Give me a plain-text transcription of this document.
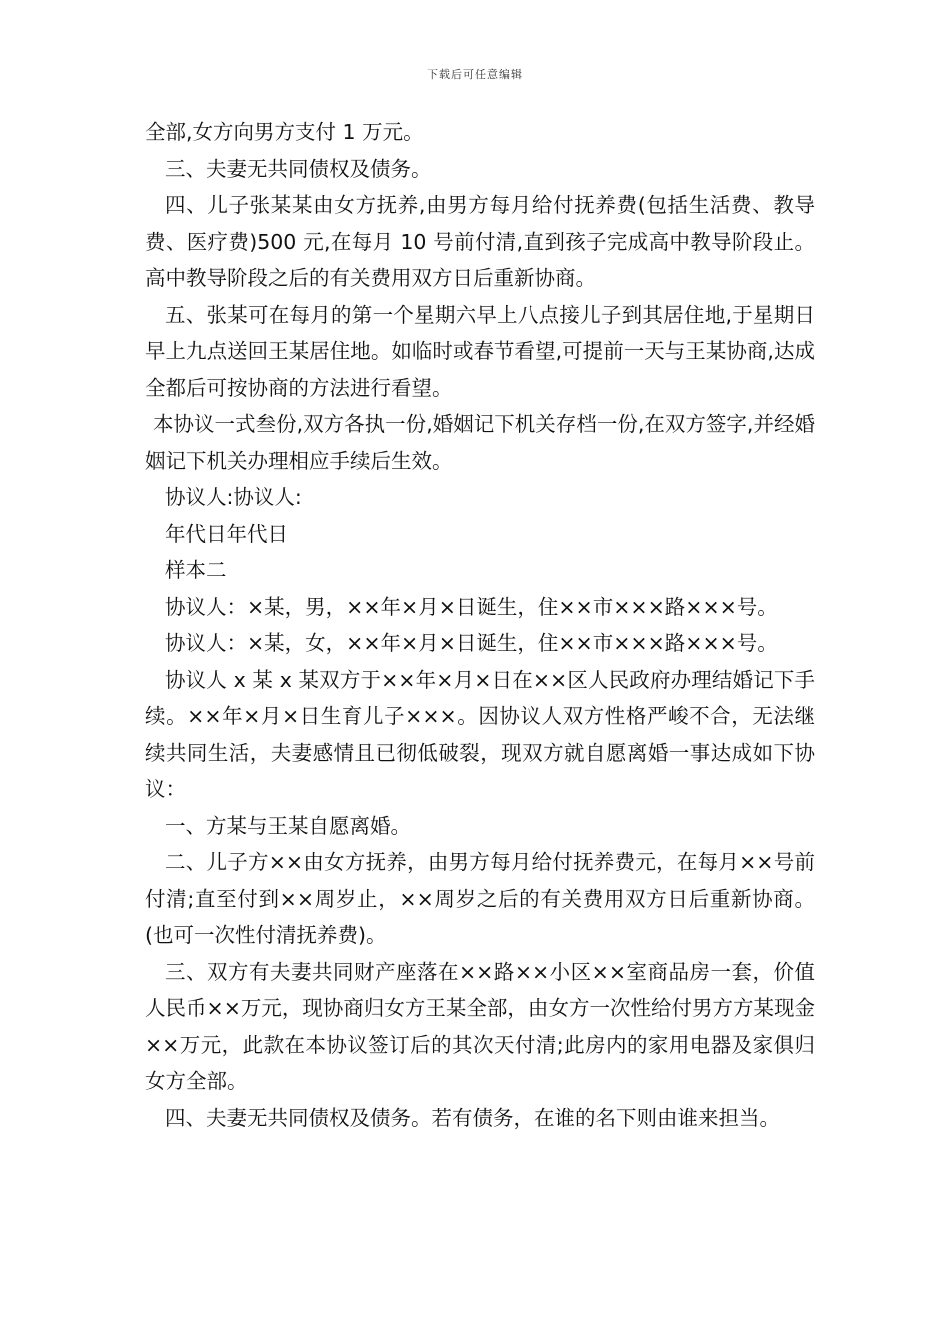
下载后可任意编辑

全部,女方向男方支付 1 万元。

三、夫妻无共同债权及债务。

四、儿子张某某由女方抚养,由男方每月给付抚养费(包括生活费、教导费、医疗费)500 元,在每月 10 号前付清,直到孩子完成高中教导阶段止。高中教导阶段之后的有关费用双方日后重新协商。

五、张某可在每月的第一个星期六早上八点接儿子到其居住地,于星期日早上九点送回王某居住地。如临时或春节看望,可提前一天与王某协商,达成全都后可按协商的方法进行看望。

本协议一式叁份,双方各执一份,婚姻记下机关存档一份,在双方签字,并经婚姻记下机关办理相应手续后生效。

协议人:协议人:

年代日年代日

样本二

协议人：×某，男，××年×月×日诞生，住××市×××路×××号。

协议人：×某，女，××年×月×日诞生，住××市×××路×××号。

协议人 x 某 x 某双方于××年×月×日在××区人民政府办理结婚记下手续。××年×月×日生育儿子×××。因协议人双方性格严峻不合，无法继续共同生活，夫妻感情且已彻低破裂，现双方就自愿离婚一事达成如下协议：

一、方某与王某自愿离婚。

二、儿子方××由女方抚养，由男方每月给付抚养费元，在每月××号前付清;直至付到××周岁止，××周岁之后的有关费用双方日后重新协商。(也可一次性付清抚养费)。

三、双方有夫妻共同财产座落在××路××小区××室商品房一套，价值人民币××万元，现协商归女方王某全部，由女方一次性给付男方方某现金××万元，此款在本协议签订后的其次天付清;此房内的家用电器及家俱归女方全部。

四、夫妻无共同债权及债务。若有债务，在谁的名下则由谁来担当。
